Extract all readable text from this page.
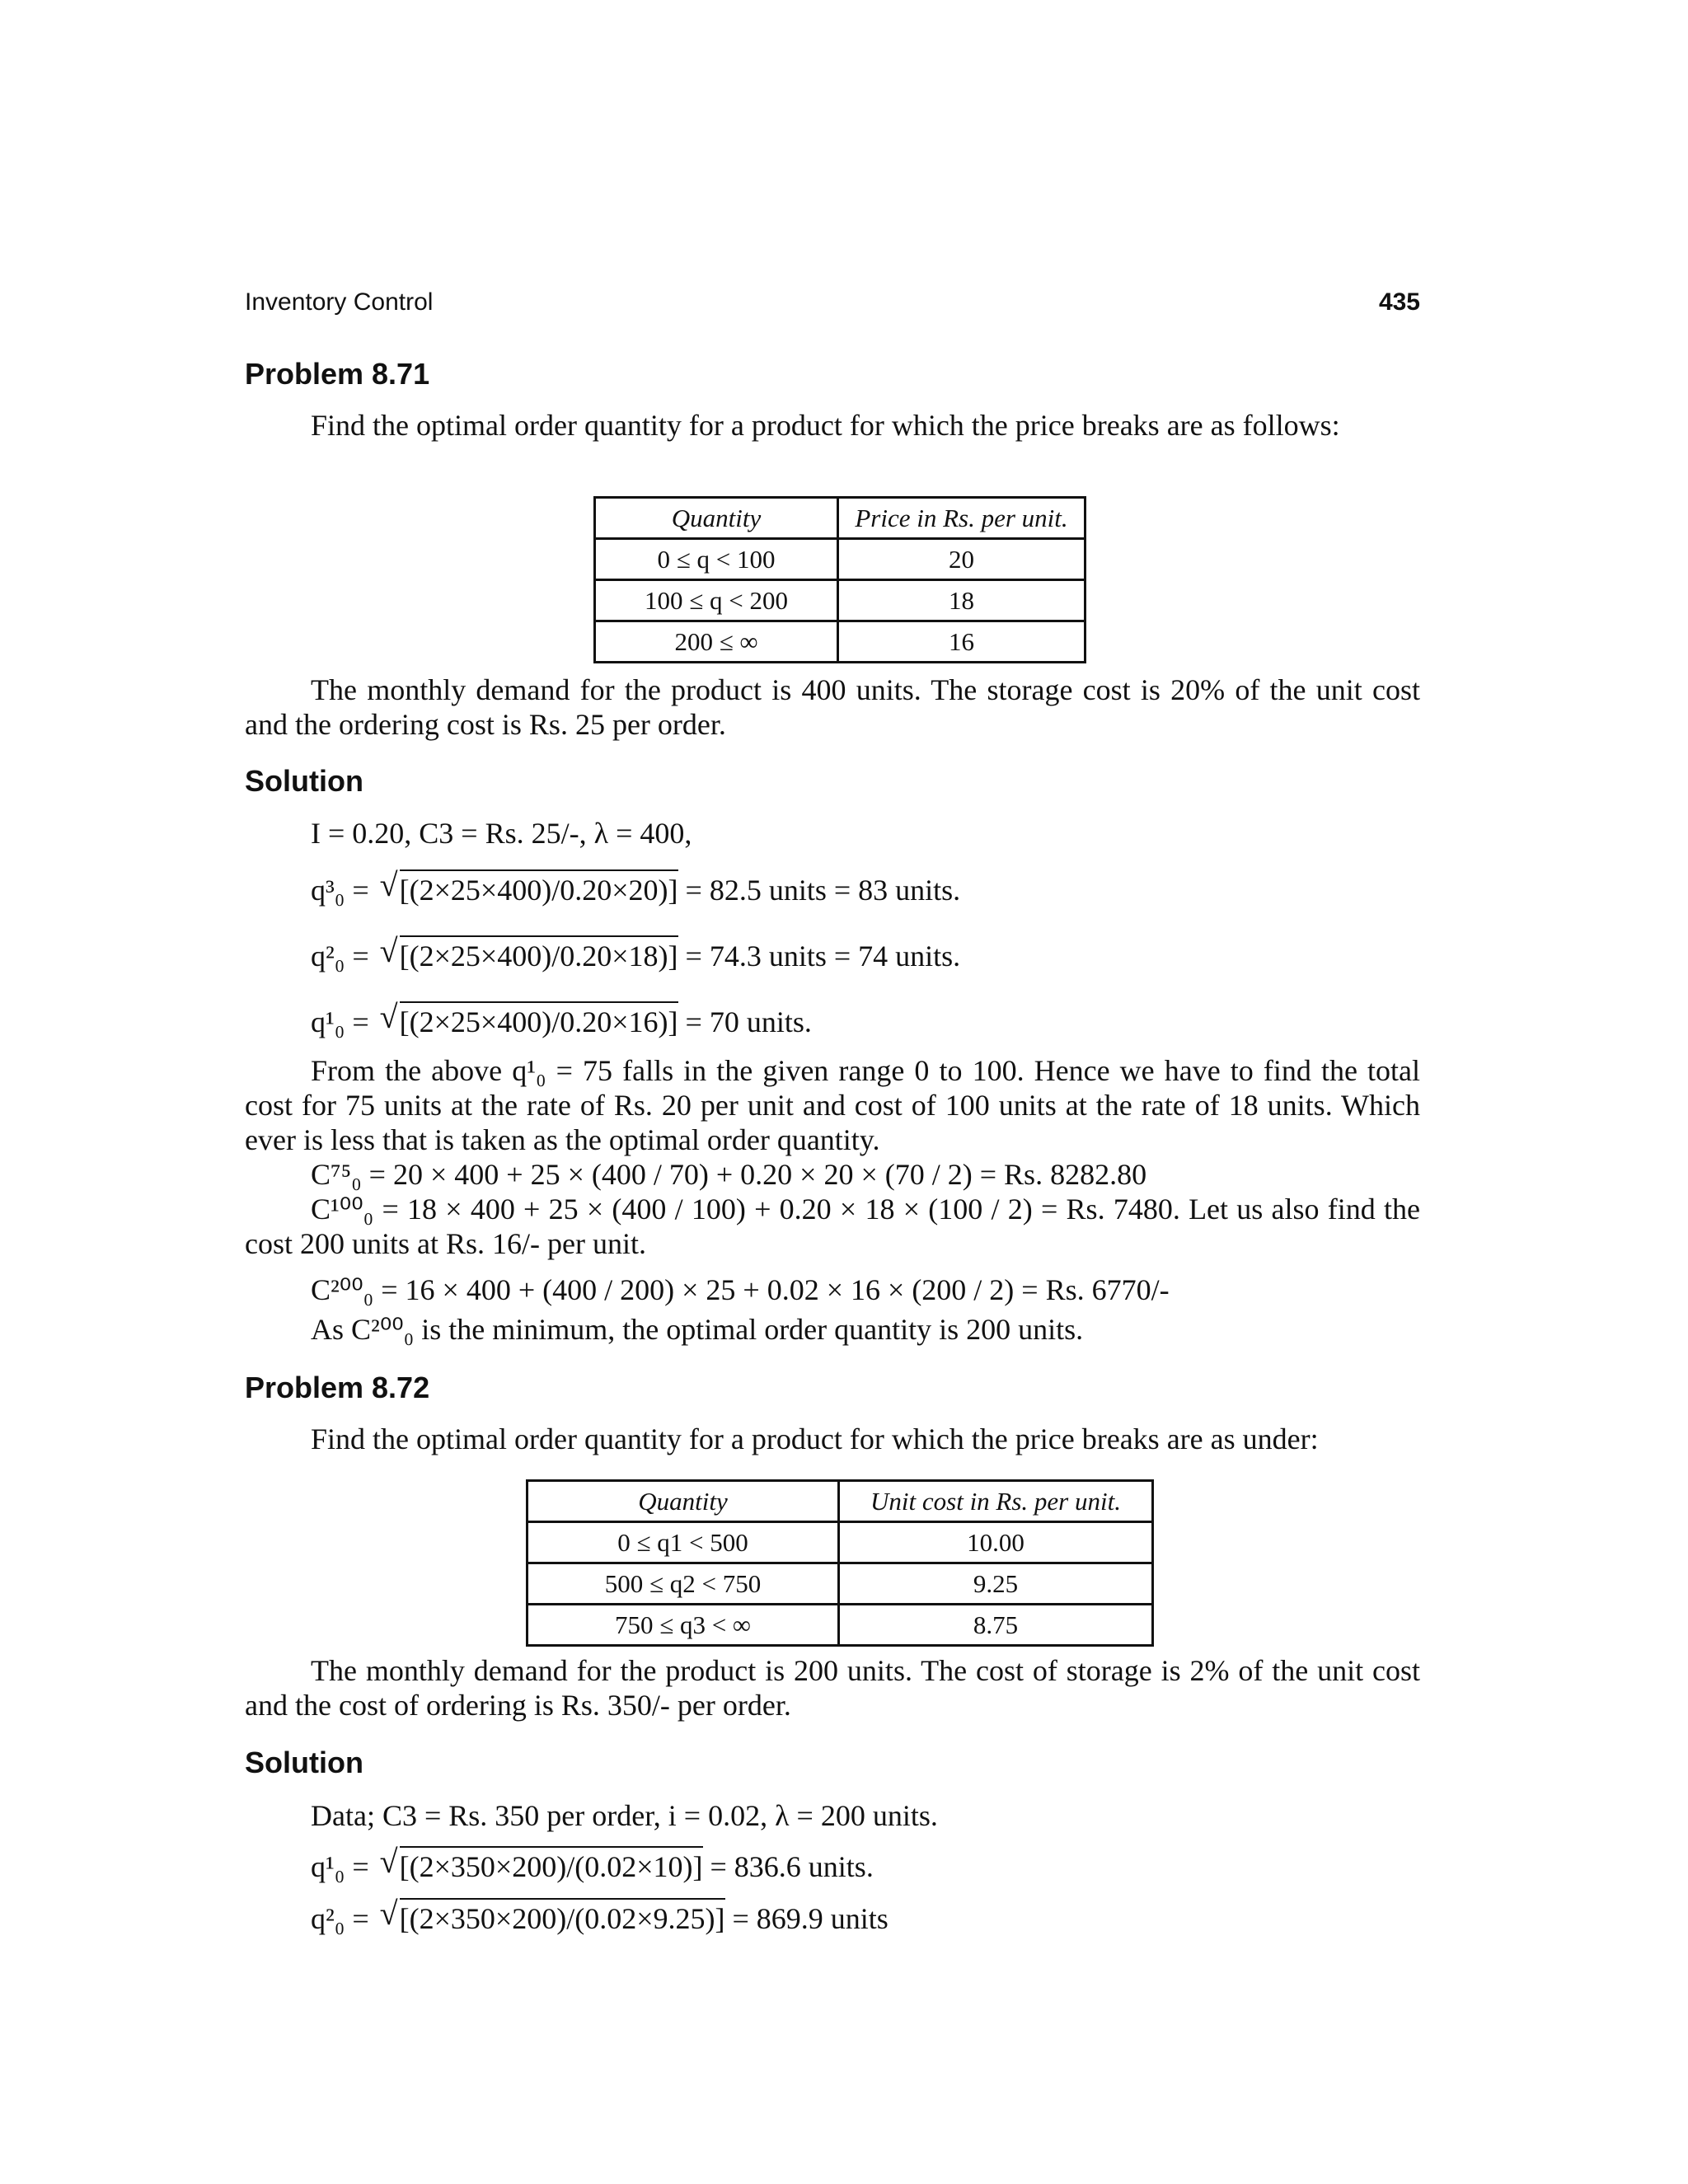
Inventory Control	435
Problem 8.71

Find the optimal order quantity for a product for which the price breaks are as follows:

Quantity	Price in Rs. per unit.
0 ≤ q < 100	20
100 ≤ q < 200	18
200 ≤ ∞	16

The monthly demand for the product is 400 units. The storage cost is 20% of the unit cost and the ordering cost is Rs. 25 per order.

Solution

I = 0.20, C3 = Rs. 25/-, λ = 400,

q³₀ = √ [(2×25×400)/0.20×20)] = 82.5 units = 83 units.
q²₀ = √ [(2×25×400)/0.20×18)] = 74.3 units = 74 units.
q¹₀ = √ [(2×25×400)/0.20×16)] = 70 units.

From the above q¹₀ = 75 falls in the given range 0 to 100. Hence we have to find the total cost for 75 units at the rate of Rs. 20 per unit and cost of 100 units at the rate of 18 units. Which ever is less that is taken as the optimal order quantity.

C⁷⁵₀ = 20 × 400 + 25 × (400 / 70) + 0.20 × 20 × (70 / 2) = Rs. 8282.80

C¹⁰⁰₀ = 18 × 400 + 25 × (400 / 100) + 0.20 × 18 × (100 / 2) = Rs. 7480. Let us also find the cost 200 units at Rs. 16/- per unit.

C²⁰⁰₀ = 16 × 400 + (400 / 200) × 25 + 0.02 × 16 × (200 / 2) = Rs. 6770/-

As C²⁰⁰₀ is the minimum, the optimal order quantity is 200 units.

Problem 8.72

Find the optimal order quantity for a product for which the price breaks are as under:

Quantity	Unit cost in Rs. per unit.
0 ≤ q1 < 500	10.00
500 ≤ q2 < 750	9.25
750 ≤ q3 < ∞	8.75

The monthly demand for the product is 200 units. The cost of storage is 2% of the unit cost and the cost of ordering is Rs. 350/- per order.

Solution

Data; C3 = Rs. 350 per order, i = 0.02, λ = 200 units.

q¹₀ = √ [(2×350×200)/(0.02×10)] = 836.6 units.
q²₀ = √ [(2×350×200)/(0.02×9.25)] = 869.9 units
